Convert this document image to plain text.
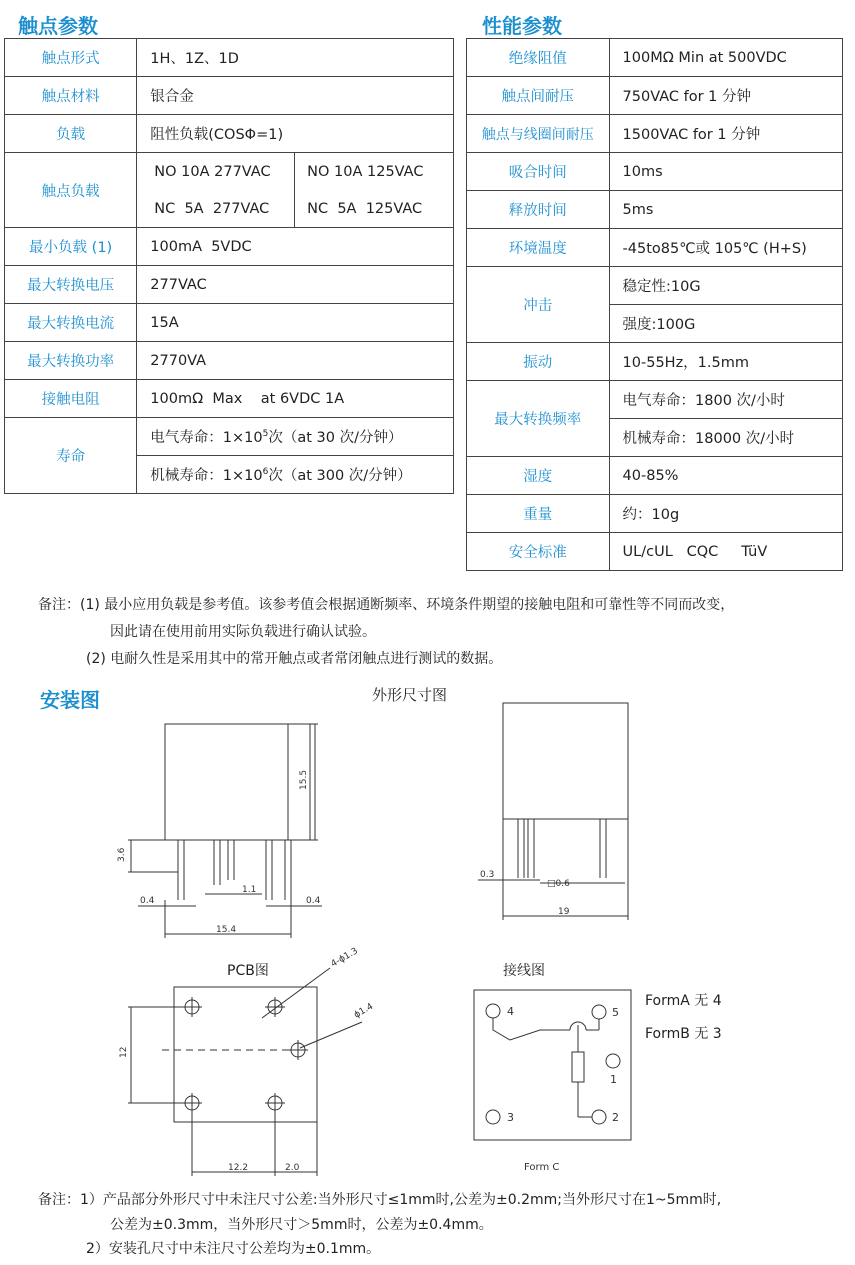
触点参数	性能参数
触点形式	1H、1Z、1D	
触点材料	银合金	
负载	阻性负载(COSΦ=1)	
触点负载	NO 10A 277VAC	NO 10A 125VAC
	NC  5A  277VAC	NC  5A  125VAC
最小负载 (1)	100mA  5VDC	
最大转换电压	277VAC	
最大转换电流	15A	
最大转换功率	2770VA	
接触电阻	100mΩ  Max    at 6VDC 1A	
寿命	电气寿命：$1\times 10^5$次（at 30 次/分钟）	
	机械寿命：$1\times 10^6$次（at 300 次/分钟）	
绝缘阻值	100MΩ Min at 500VDC
触点间耐压	750VAC for 1 分钟
触点与线圈间耐压	1500VAC for 1 分钟
吸合时间	10ms
释放时间	5ms
环境温度	-45to85℃或 105℃ (H+S)
冲击	稳定性:10G
	强度:100G
振动	10-55Hz，1.5mm
最大转换频率	电气寿命：1800 次/小时
	机械寿命：18000 次/小时
湿度	40-85%
重量	约：10g
安全标准	UL/cUL   CQC     TüV
备注：(1) 最小应用负载是参考值。该参考值会根据通断频率、环境条件期望的接触电阻和可靠性等不同而改变，
因此请在使用前用实际负载进行确认试验。
(2) 电耐久性是采用其中的常开触点或者常闭触点进行测试的数据。
安装图	外形尺寸图
PCB图	接线图
15.5
3.6
1.1
0.4	0.4
15.4
0.3
□0.6
19
4-ϕ1.3
ϕ1.4
12
12.2	2.0
4	5
1
3	2
Form C
FormA 无 4
FormB 无 3
备注：1）产品部分外形尺寸中未注尺寸公差:当外形尺寸≤1mm时,公差为±0.2mm;当外形尺寸在1~5mm时,
公差为±0.3mm，当外形尺寸＞5mm时，公差为±0.4mm。
2）安装孔尺寸中未注尺寸公差均为±0.1mm。
